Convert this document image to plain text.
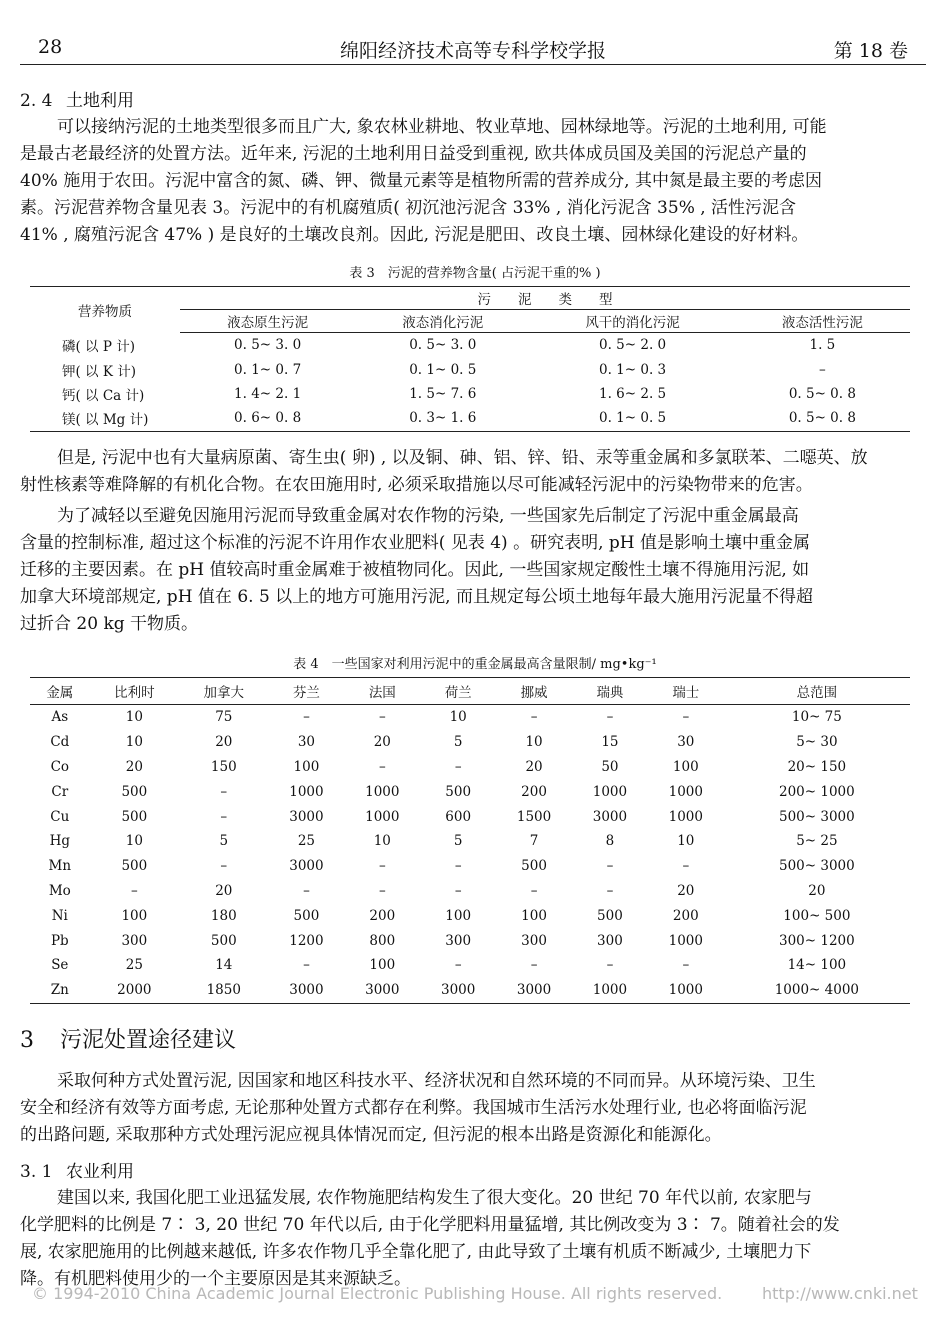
28	绵阳经济技术高等专科学校学报	第 18 卷
2. 4 土地利用
可以接纳污泥的土地类型很多而且广大, 象农林业耕地、牧业草地、园林绿地等。污泥的土地利用, 可能
是最古老最经济的处置方法。近年来, 污泥的土地利用日益受到重视, 欧共体成员国及美国的污泥总产量的
40% 施用于农田。污泥中富含的氮、磷、钾、微量元素等是植物所需的营养成分, 其中氮是最主要的考虑因
素。污泥营养物含量见表 3。污泥中的有机腐殖质( 初沉池污泥含 33% , 消化污泥含 35% , 活性污泥含
41% , 腐殖污泥含 47% ) 是良好的土壤改良剂。因此, 污泥是肥田、改良土壤、园林绿化建设的好材料。
表 3　污泥的营养物含量( 占污泥干重的% )
营养物质	污　　泥　　类　　型			
	液态原生污泥	液态消化污泥	风干的消化污泥	液态活性污泥
磷( 以 P 计)	0. 5~ 3. 0	0. 5~ 3. 0	0. 5~ 2. 0	1. 5
钾( 以 K 计)	0. 1~ 0. 7	0. 1~ 0. 5	0. 1~ 0. 3	–
钙( 以 Ca 计)	1. 4~ 2. 1	1. 5~ 7. 6	1. 6~ 2. 5	0. 5~ 0. 8
镁( 以 Mg 计)	0. 6~ 0. 8	0. 3~ 1. 6	0. 1~ 0. 5	0. 5~ 0. 8
但是, 污泥中也有大量病原菌、寄生虫( 卵) , 以及铜、砷、铝、锌、铅、汞等重金属和多氯联苯、二噁英、放
射性核素等难降解的有机化合物。在农田施用时, 必须采取措施以尽可能减轻污泥中的污染物带来的危害。
为了减轻以至避免因施用污泥而导致重金属对农作物的污染, 一些国家先后制定了污泥中重金属最高
含量的控制标准, 超过这个标准的污泥不许用作农业肥料( 见表 4) 。研究表明, pH 值是影响土壤中重金属
迁移的主要因素。在 pH 值较高时重金属难于被植物同化。因此, 一些国家规定酸性土壤不得施用污泥, 如
加拿大环境部规定, pH 值在 6. 5 以上的地方可施用污泥, 而且规定每公顷土地每年最大施用污泥量不得超
过折合 20 kg 干物质。
表 4　一些国家对利用污泥中的重金属最高含量限制/ mg•kg⁻¹
金属	比利时	加拿大	芬兰	法国	荷兰	挪威	瑞典	瑞士	总范围
As	10	75	–	–	10	–	–	–	10~ 75
Cd	10	20	30	20	5	10	15	30	5~ 30
Co	20	150	100	–	–	20	50	100	20~ 150
Cr	500	–	1000	1000	500	200	1000	1000	200~ 1000
Cu	500	–	3000	1000	600	1500	3000	1000	500~ 3000
Hg	10	5	25	10	5	7	8	10	5~ 25
Mn	500	–	3000	–	–	500	–	–	500~ 3000
Mo	–	20	–	–	–	–	–	20	20
Ni	100	180	500	200	100	100	500	200	100~ 500
Pb	300	500	1200	800	300	300	300	1000	300~ 1200
Se	25	14	–	100	–	–	–	–	14~ 100
Zn	2000	1850	3000	3000	3000	3000	1000	1000	1000~ 4000
3 污泥处置途径建议
采取何种方式处置污泥, 因国家和地区科技水平、经济状况和自然环境的不同而异。从环境污染、卫生
安全和经济有效等方面考虑, 无论那种处置方式都存在利弊。我国城市生活污水处理行业, 也必将面临污泥
的出路问题, 采取那种方式处理污泥应视具体情况而定, 但污泥的根本出路是资源化和能源化。
3. 1 农业利用
建国以来, 我国化肥工业迅猛发展, 农作物施肥结构发生了很大变化。20 世纪 70 年代以前, 农家肥与
化学肥料的比例是 7∶ 3, 20 世纪 70 年代以后, 由于化学肥料用量猛增, 其比例改变为 3∶ 7。随着社会的发
展, 农家肥施用的比例越来越低, 许多农作物几乎全靠化肥了, 由此导致了土壤有机质不断减少, 土壤肥力下
降。有机肥料使用少的一个主要原因是其来源缺乏。
© 1994-2010 China Academic Journal Electronic Publishing House. All rights reserved. http://www.cnki.net
